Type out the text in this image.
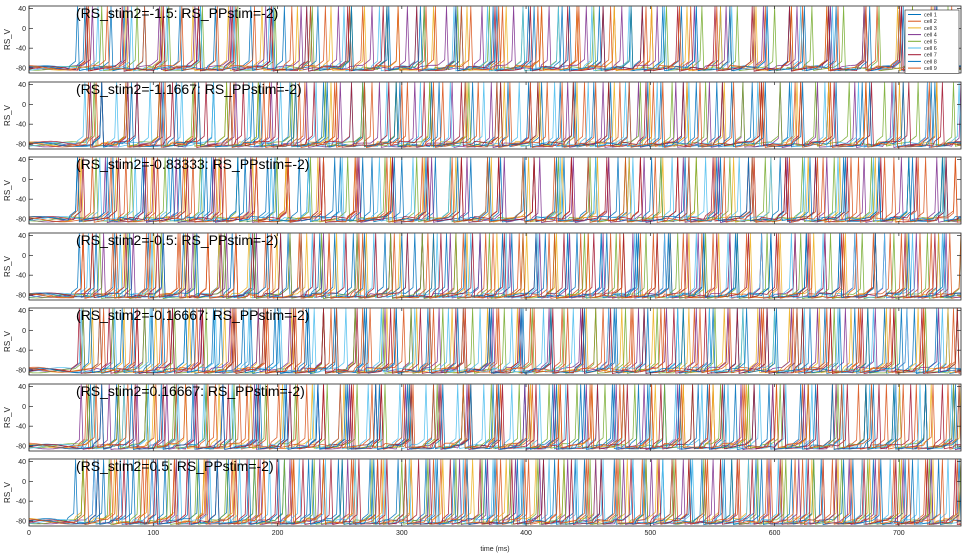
40
0
-40
-80
RS_V
(RS_stim2=-1.5: RS_PPstim=-2)	cell 1
cell 2
cell 3
cell 4
cell 5
cell 6
cell 7
cell 8
cell 9
40
0
-40
-80
RS_V
(RS_stim2=-1.1667: RS_PPstim=-2)
40
0
-40
-80
RS_V
(RS_stim2=-0.83333: RS_PPstim=-2)
40
0
-40
-80
RS_V
(RS_stim2=-0.5: RS_PPstim=-2)
40
0
-40
-80
RS_V
(RS_stim2=-0.16667: RS_PPstim=-2)
40
0
-40
-80
RS_V
(RS_stim2=0.16667: RS_PPstim=-2)
40
0
-40
-80
0	100	200	300	400	500	600	700
RS_V
(RS_stim2=0.5: RS_PPstim=-2)
time (ms)
